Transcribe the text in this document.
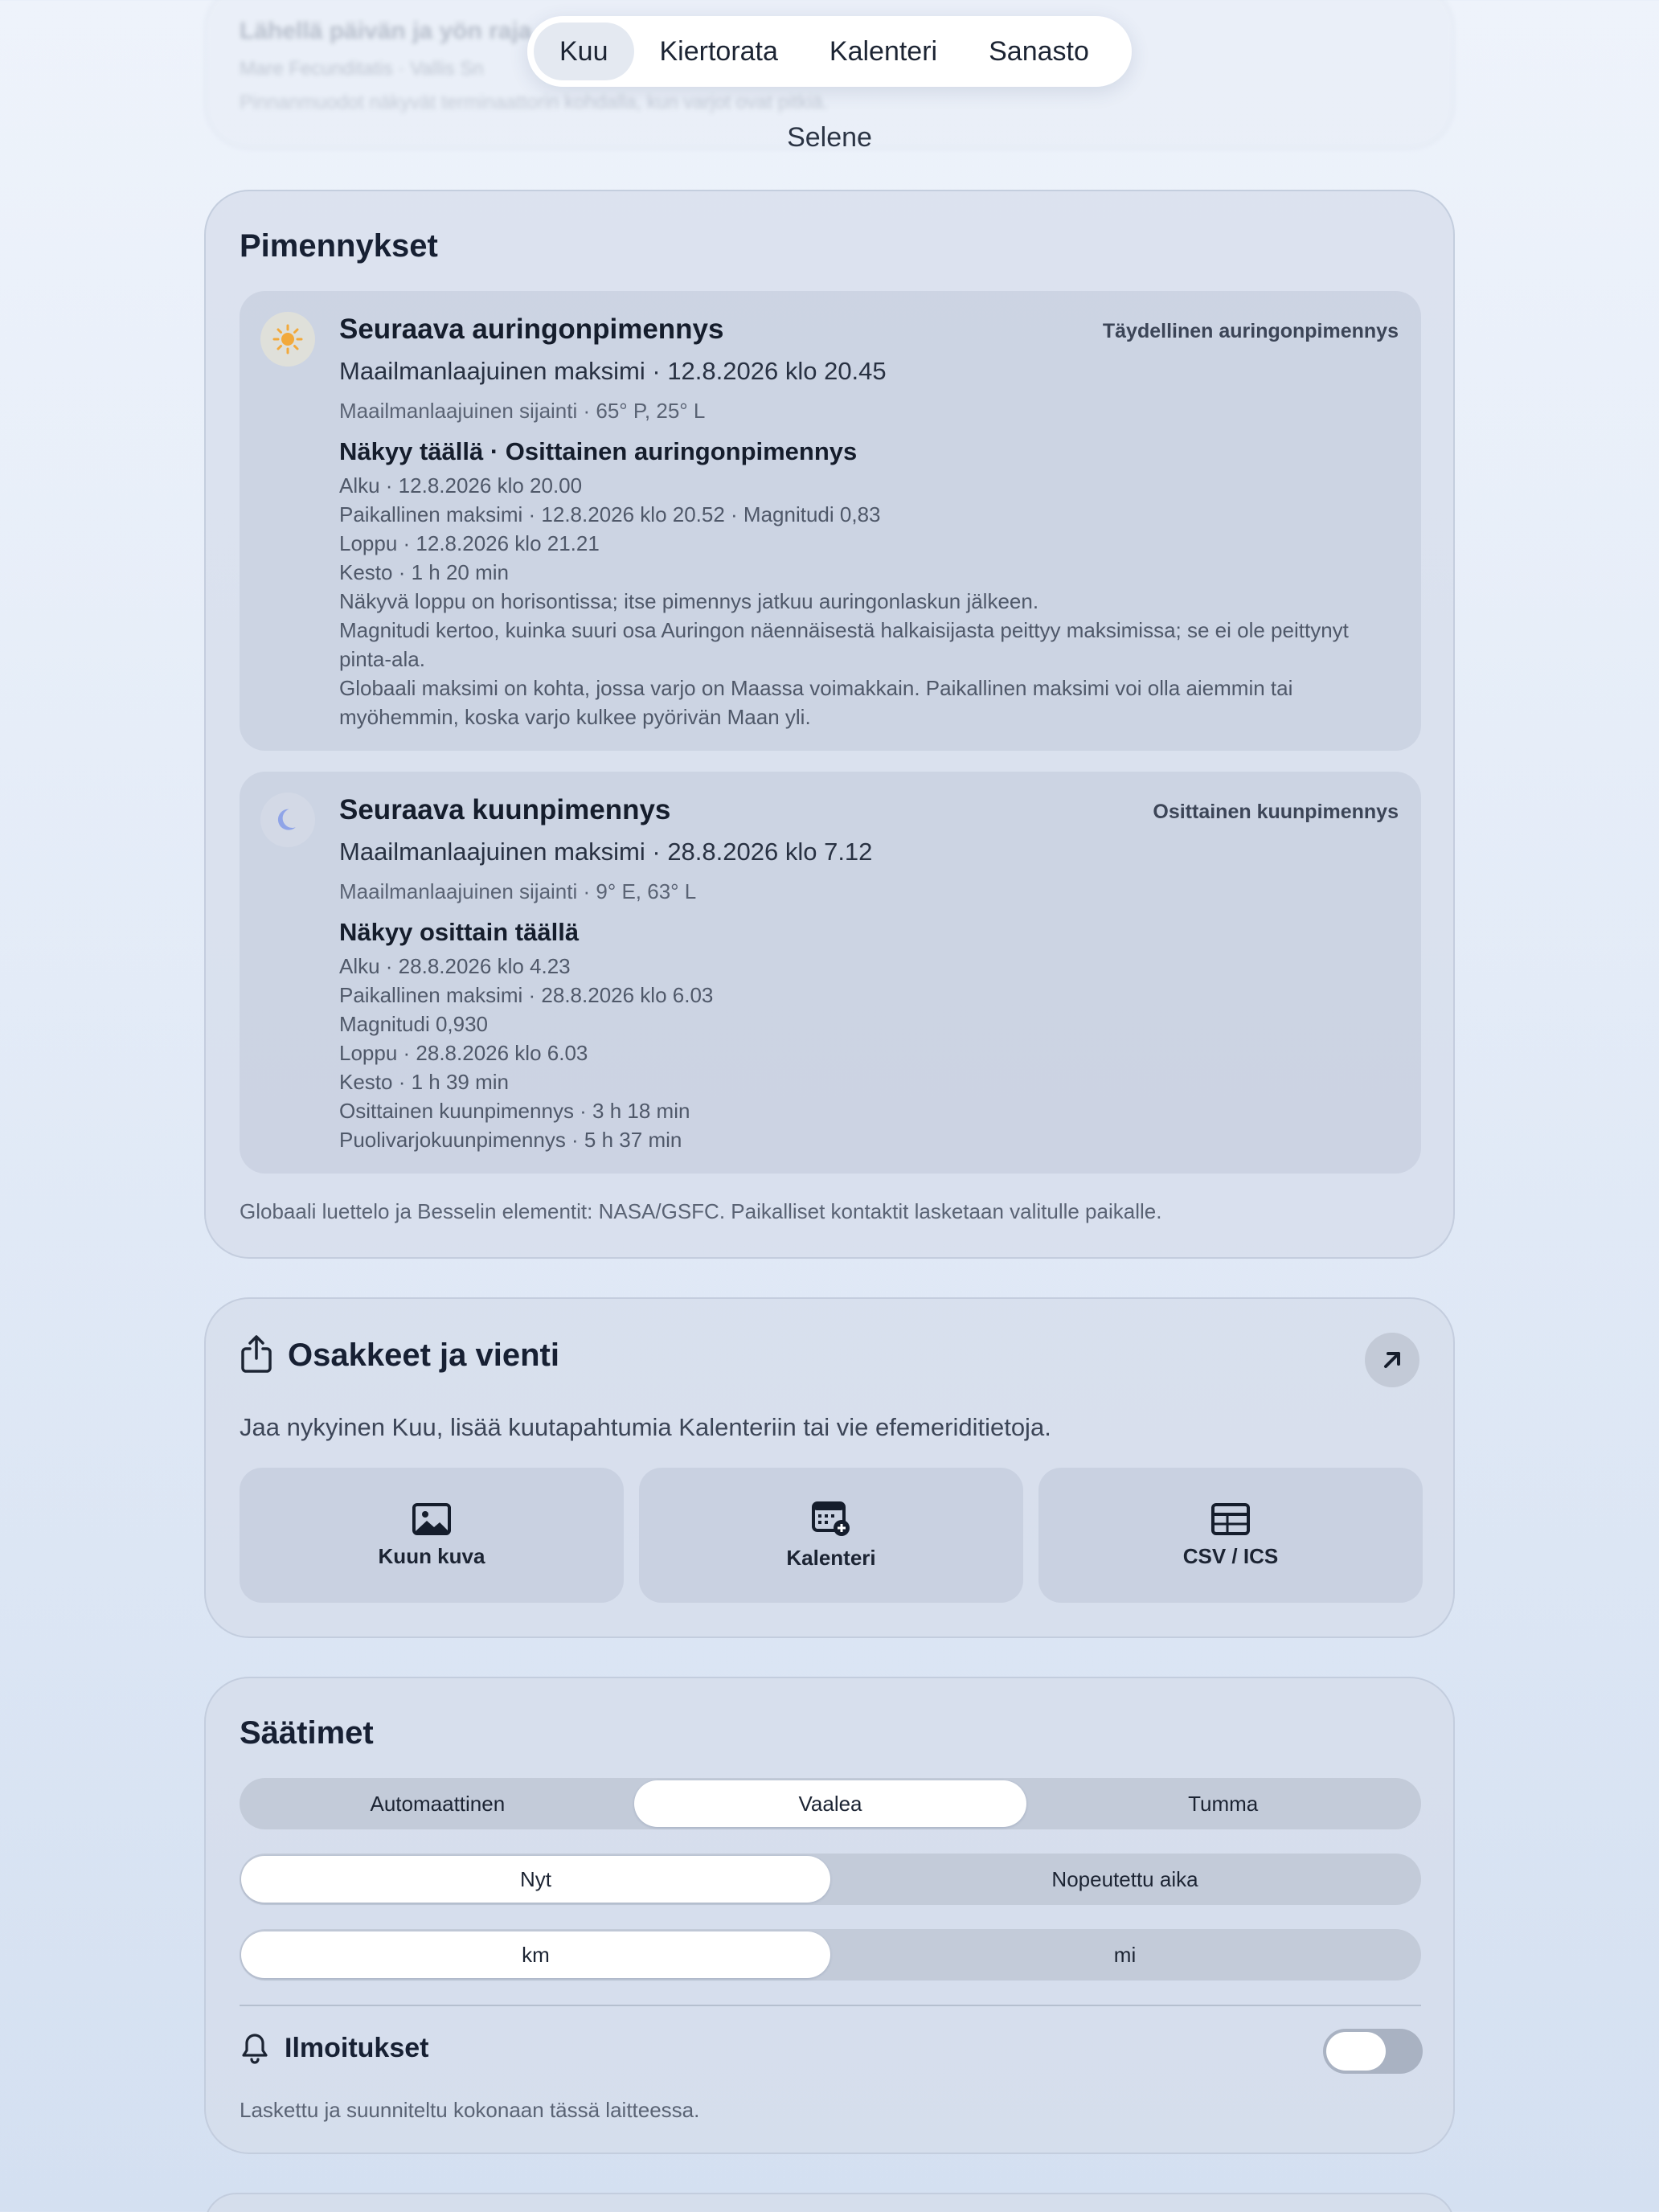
Lähellä päivän ja yön raja
Mare Fecunditatis · Vallis Sn
Pinnanmuodot näkyvät terminaattorin kohdalla, kun varjot ovat pitkiä.
Kuu	Kiertorata	Kalenteri	Sanasto
Selene
Pimennykset
Seuraava auringonpimennys	Täydellinen auringonpimennys
Maailmanlaajuinen maksimi · 12.8.2026 klo 20.45
Maailmanlaajuinen sijainti · 65° P, 25° L
Näkyy täällä · Osittainen auringonpimennys
Alku · 12.8.2026 klo 20.00
Paikallinen maksimi · 12.8.2026 klo 20.52 · Magnitudi 0,83
Loppu · 12.8.2026 klo 21.21
Kesto · 1 h 20 min
Näkyvä loppu on horisontissa; itse pimennys jatkuu auringonlaskun jälkeen.
Magnitudi kertoo, kuinka suuri osa Auringon näennäisestä halkaisijasta peittyy maksimissa; se ei ole peittynyt pinta-ala.
Globaali maksimi on kohta, jossa varjo on Maassa voimakkain. Paikallinen maksimi voi olla aiemmin tai myöhemmin, koska varjo kulkee pyörivän Maan yli.
Seuraava kuunpimennys	Osittainen kuunpimennys
Maailmanlaajuinen maksimi · 28.8.2026 klo 7.12
Maailmanlaajuinen sijainti · 9° E, 63° L
Näkyy osittain täällä
Alku · 28.8.2026 klo 4.23
Paikallinen maksimi · 28.8.2026 klo 6.03
Magnitudi 0,930
Loppu · 28.8.2026 klo 6.03
Kesto · 1 h 39 min
Osittainen kuunpimennys · 3 h 18 min
Puolivarjokuunpimennys · 5 h 37 min
Globaali luettelo ja Besselin elementit: NASA/GSFC. Paikalliset kontaktit lasketaan valitulle paikalle.
Osakkeet ja vienti
Jaa nykyinen Kuu, lisää kuutapahtumia Kalenteriin tai vie efemeriditietoja.
Kuun kuva	Kalenteri	CSV / ICS
Säätimet
Automaattinen	Vaalea	Tumma
Nyt	Nopeutettu aika
km	mi
Ilmoitukset
Laskettu ja suunniteltu kokonaan tässä laitteessa.
